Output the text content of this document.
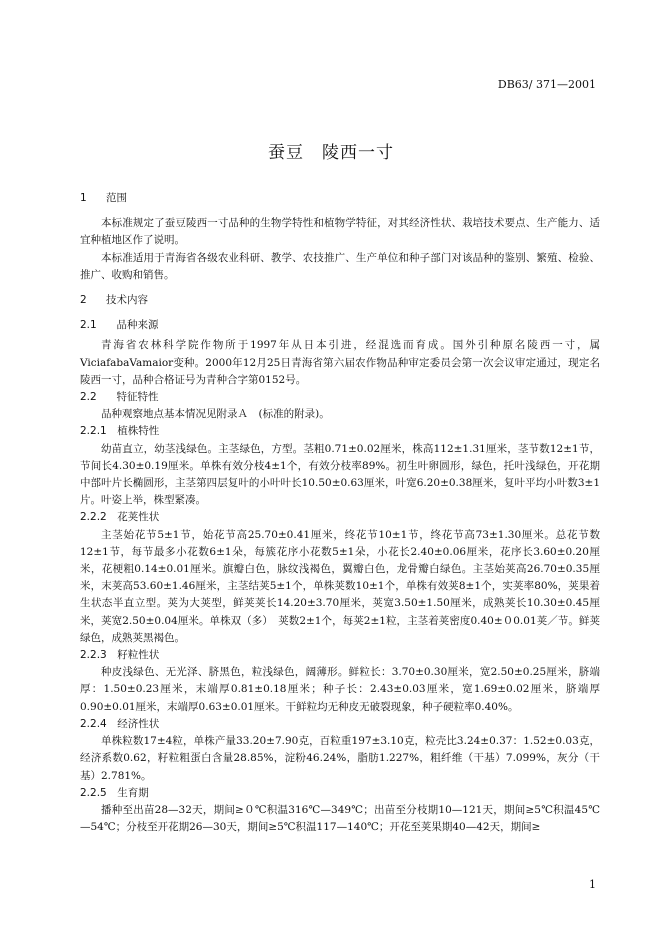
DB63/ 371—2001
蚕豆　陵西一寸
1 范围

本标准规定了蚕豆陵西一寸品种的生物学特性和植物学特征，对其经济性状、栽培技术要点、生产能力、适宜种植地区作了说明。

本标准适用于青海省各级农业科研、教学、农技推广、生产单位和种子部门对该品种的鉴别、繁殖、检验、推广、收购和销售。

2 技术内容
2.1　 品种来源

青海省农林科学院作物所于1997年从日本引进，经混选而育成。国外引种原名陵西一寸，属ViciafabaVamaior变种。2000年12月25日青海省第六届农作物品种审定委员会第一次会议审定通过，现定名陵西一寸，品种合格证号为青种合字第0152号。

2.2　 特征特性

品种观察地点基本情况见附录Ａ　(标准的附录)。

2.2.1　 植株特性

幼苗直立，幼茎浅绿色。主茎绿色，方型。茎粗0.71±0.02厘米，株高112±1.31厘米，茎节数12±1节，节间长4.30±0.19厘米。单株有效分枝4±1个，有效分枝率89%。初生叶卵圆形，绿色，托叶浅绿色，开花期中部叶片长椭圆形，主茎第四层复叶的小叶叶长10.50±0.63厘米，叶宽6.20±0.38厘米，复叶平均小叶数3±1片。叶姿上举，株型紧凑。

2.2.2　 花荚性状

主茎始花节5±1节，始花节高25.70±0.41厘米，终花节10±1节，终花节高73±1.30厘米。总花节数12±1节，每节最多小花数6±1朵，每簇花序小花数5±1朵，小花长2.40±0.06厘米，花序长3.60±0.20厘米，花梗粗0.14±0.01厘米。旗瓣白色，脉纹浅褐色，翼瓣白色，龙骨瓣白绿色。主茎始荚高26.70±0.35厘米，末荚高53.60±1.46厘米，主茎结荚5±1个，单株荚数10±1个，单株有效荚8±1个，实荚率80%，荚果着生状态半直立型。荚为大荚型，鲜荚荚长14.20±3.70厘米，荚宽3.50±1.50厘米，成熟荚长10.30±0.45厘米，荚宽2.50±0.04厘米。单株双（多）　荚数2±1个，每荚2±1粒，主茎着荚密度0.40±０0.01荚／节。鲜荚绿色，成熟荚黑褐色。

2.2.3　 籽粒性状

种皮浅绿色、无光泽、脐黑色，粒浅绿色，阔薄形。鲜粒长：3.70±0.30厘米，宽2.50±0.25厘米，脐端厚：1.50±0.23厘米，末端厚0.81±0.18厘米；种子长：2.43±0.03厘米，宽1.69±0.02厘米，脐端厚0.90±0.01厘米，末端厚0.63±0.01厘米。干鲜粒均无种皮无破裂现象，种子硬粒率0.40%。

2.2.4　 经济性状

单株粒数17±4粒，单株产量33.20±7.90克，百粒重197±3.10克，粒壳比3.24±0.37：1.52±0.03克，经济系数0.62，籽粒粗蛋白含量28.85%，淀粉46.24%，脂肪1.227%，粗纤维（干基）7.099%，灰分（干基）2.781%。

2.2.5　 生育期

播种至出苗28—32天，期间≥０℃积温316℃—349℃；出苗至分枝期10—121天，期间≥5℃积温45℃—54℃；分枝至开花期26—30天，期间≥5℃积温117—140℃；开花至荚果期40—42天，期间≥

1
